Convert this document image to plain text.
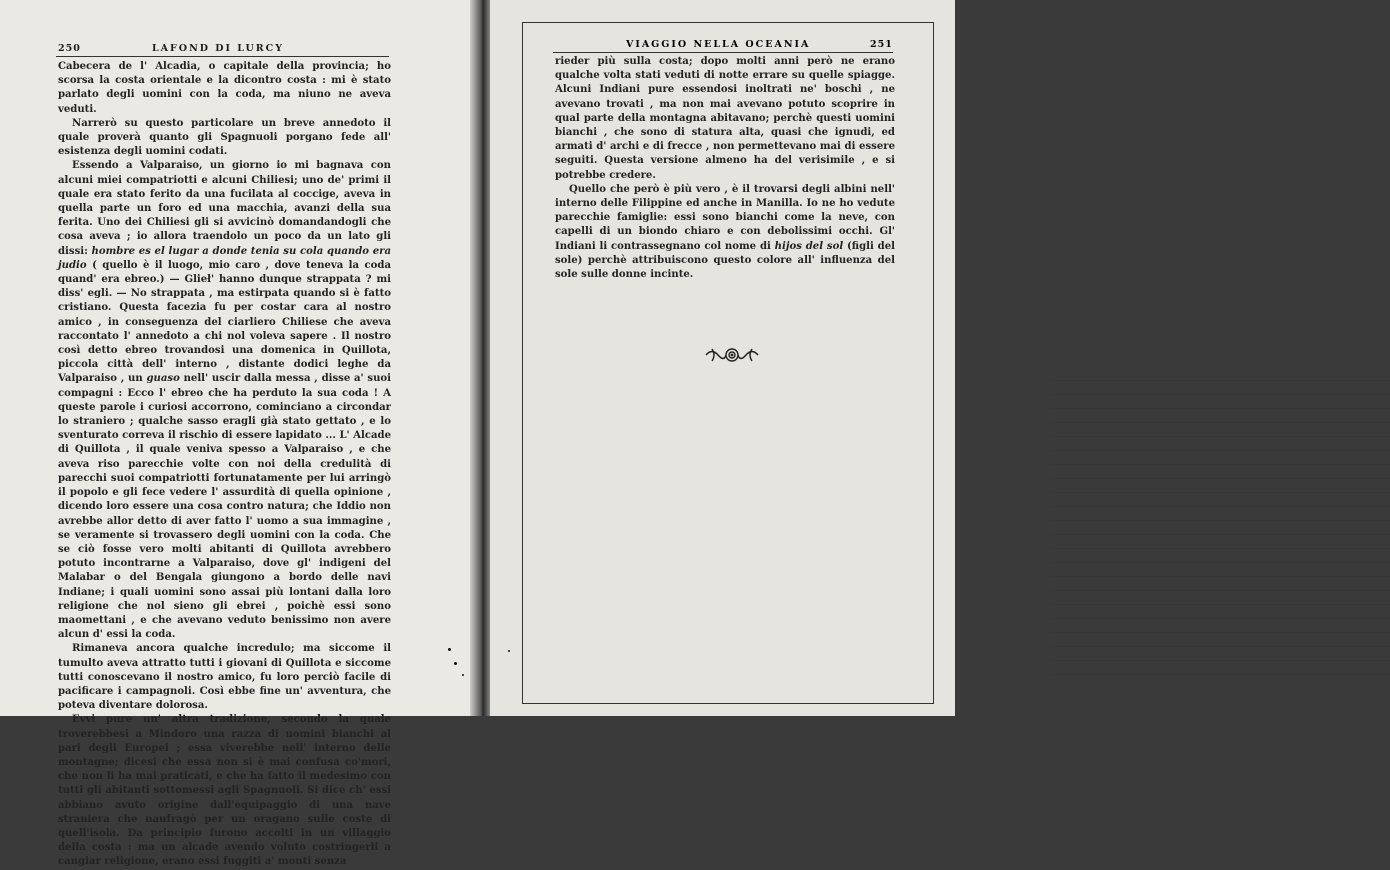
250	LAFOND DI LURCY

Cabecera de l' Alcadia, o capitale della provincia; ho scorsa la costa orientale e la dicontro costa : mi è stato parlato degli uomini con la coda, ma niuno ne aveva veduti.

Narrerò su questo particolare un breve annedoto il quale proverà quanto gli Spagnuoli porgano fede all' esistenza degli uomini codati.

Essendo a Valparaiso, un giorno io mi bagnava con alcuni miei compatriotti e alcuni Chiliesi; uno de' primi il quale era stato ferito da una fucilata al coccige, aveva in quella parte un foro ed una macchia, avanzi della sua ferita. Uno dei Chiliesi gli si avvicinò domandandogli che cosa aveva ; io allora traendolo un poco da un lato gli dissi: hombre es el lugar a donde tenia su cola quando era judio ( quello è il luogo, mio caro , dove teneva la coda quand' era ebreo.) — Glieł' hanno dunque strappata ? mi diss' egli. — No strappata , ma estirpata quando si è fatto cristiano. Questa facezia fu per costar cara al nostro amico , in conseguenza del ciarliero Chiliese che aveva raccontato l' annedoto a chi nol voleva sapere . Il nostro così detto ebreo trovandosi una domenica in Quillota, piccola città dell' interno , distante dodici leghe da Valparaiso , un guaso nell' uscir dalla messa , disse a' suoi compagni : Ecco l' ebreo che ha perduto la sua coda ! A queste parole i curiosi accorrono, cominciano a circondar lo straniero ; qualche sasso eragli già stato gettato , e lo sventurato correva il rischio di essere lapidato ... L' Alcade di Quillota , il quale veniva spesso a Valparaiso , e che aveva riso parecchie volte con noi della credulità di parecchi suoi compatriotti fortunatamente per lui arringò il popolo e gli fece vedere l' assurdità di quella opinione , dicendo loro essere una cosa contro natura; che Iddio non avrebbe allor detto di aver fatto l' uomo a sua immagine , se veramente si trovassero degli uomini con la coda. Che se ciò fosse vero molti abitanti di Quillota avrebbero potuto incontrarne a Valparaiso, dove gl' indigeni del Malabar o del Bengala giungono a bordo delle navi Indiane; i quali uomini sono assai più lontani dalla loro religione che nol sieno gli ebrei , poichè essi sono maomettani , e che avevano veduto benissimo non avere alcun d' essi la coda.

Rimaneva ancora qualche incredulo; ma siccome il tumulto aveva attratto tutti i giovani di Quillota e siccome tutti conoscevano il nostro amico, fu loro perciò facile di pacificare i campagnoli. Così ebbe fine un' avventura, che poteva diventare dolorosa.

Evvi pure un' altra tradizione, secondo la quale troverebbesi a Mindoro una razza di uomini bianchi al pari degli Europei ; essa viverebbe nell' interno delle montagne; dicesi che essa non si è mai confusa co'mori, che non li ha mai praticati, e che ha fatto il medesimo con tutti gli abitanti sottomessi agli Spagnuoli. Si dice ch' essi abbiano avuto origine dall'equipaggio di una nave straniera che naufragò per un oragano sulle coste di quell'isola. Da principio furono accolti in un villaggio della costa : ma un alcade avendo voluto costringerli a cangiar religione, erano essi fuggiti a' monti senza

VIAGGIO NELLA OCEANIA	251

rieder più sulla costa; dopo molti anni però ne erano qualche volta stati veduti di notte errare su quelle spiagge. Alcuni Indiani pure essendosi inoltrati ne' boschi , ne avevano trovati , ma non mai avevano potuto scoprire in qual parte della montagna abitavano; perchè questi uomini bianchi , che sono di statura alta, quasi che ignudi, ed armati d' archi e di frecce , non permettevano mai di essere seguiti. Questa versione almeno ha del verisimile , e si potrebbe credere.

Quello che però è più vero , è il trovarsi degli albini nell' interno delle Filippine ed anche in Manilla. Io ne ho vedute parecchie famiglie: essi sono bianchi come la neve, con capelli di un biondo chiaro e con debolissimi occhi. Gl' Indiani li contrassegnano col nome di hijos del sol (figli del sole) perchè attribuiscono questo colore all' influenza del sole sulle donne incinte.
